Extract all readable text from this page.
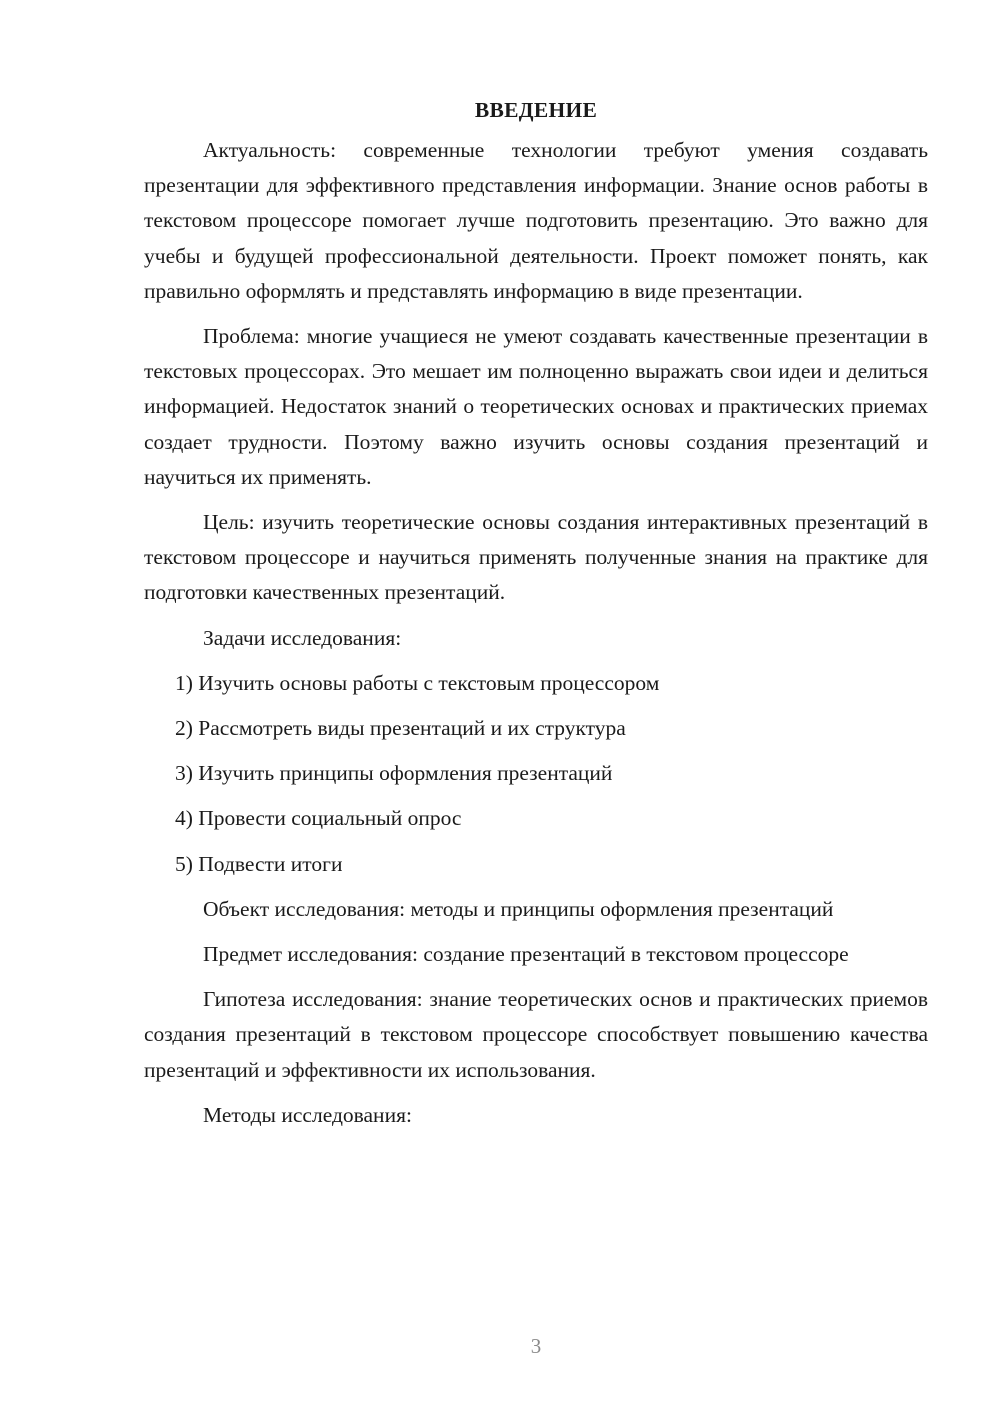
ВВЕДЕНИЕ

Актуальность: современные технологии требуют умения создавать презентации для эффективного представления информации. Знание основ работы в текстовом процессоре помогает лучше подготовить презентацию. Это важно для учебы и будущей профессиональной деятельности. Проект поможет понять, как правильно оформлять и представлять информацию в виде презентации.

Проблема: многие учащиеся не умеют создавать качественные презентации в текстовых процессорах. Это мешает им полноценно выражать свои идеи и делиться информацией. Недостаток знаний о теоретических основах и практических приемах создает трудности. Поэтому важно изучить основы создания презентаций и научиться их применять.

Цель: изучить теоретические основы создания интерактивных презентаций в текстовом процессоре и научиться применять полученные знания на практике для подготовки качественных презентаций.

Задачи исследования:

1) Изучить основы работы с текстовым процессором
2) Рассмотреть виды презентаций и их структура
3) Изучить принципы оформления презентаций
4) Провести социальный опрос
5) Подвести итоги

Объект исследования: методы и принципы оформления презентаций

Предмет исследования: создание презентаций в текстовом процессоре

Гипотеза исследования: знание теоретических основ и практических приемов создания презентаций в текстовом процессоре способствует повышению качества презентаций и эффективности их использования.

Методы исследования:

3
